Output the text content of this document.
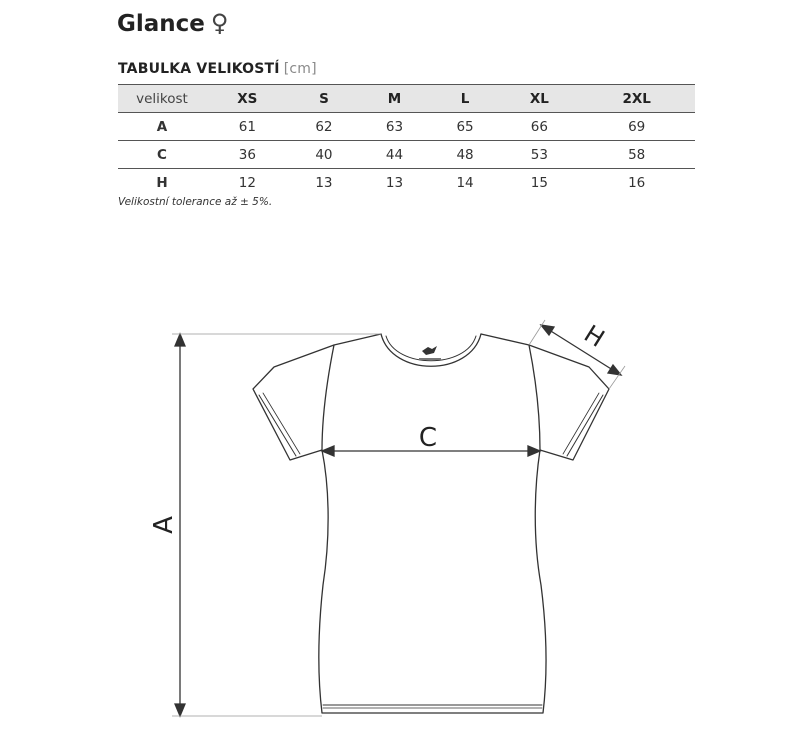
Glance ♀
TABULKA VELIKOSTÍ [cm]
velikost	XS	S	M	L	XL	2XL
A	61	62	63	65	66	69
C	36	40	44	48	53	58
H	12	13	13	14	15	16
Velikostní tolerance až ± 5%.
A
C
H
